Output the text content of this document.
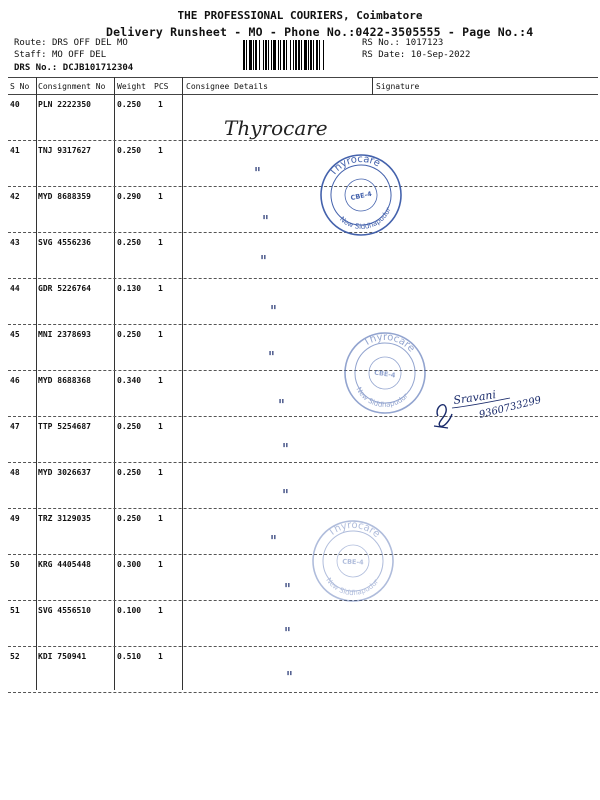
THE PROFESSIONAL COURIERS, Coimbatore
Delivery Runsheet - MO - Phone No.:0422-3505555 - Page No.:4
Route: DRS OFF DEL MO
Staff: MO OFF DEL
DRS No.: DCJB101712304
RS No.: 1017123
RS Date: 10-Sep-2022
S No Consignment No Weight PCS Consignee Details	Signature
40 PLN 2222350	0.250 1
Thyrocare
41 TNJ 9317627	0.250 1
"
42 MYD 8688359	0.290 1
"
43 SVG 4556236	0.250 1
"
44 GDR 5226764	0.130 1
"
45 MNI 2378693	0.250 1
"
46 MYD 8688368	0.340 1
"
47 TTP 5254687	0.250 1
"
48 MYD 3026637	0.250 1
"
49 TRZ 3129035	0.250 1
"
50 KRG 4405448	0.300 1
"
51 SVG 4556510	0.100 1
"
52 KDI 750941	0.510 1
"
Thyrocare
New Siddhapudur
CBE-4
Thyrocare
New Siddhapudur
CBE-4
Thyrocare
New Siddhapudur
CBE-4
Sravani
9360733299
